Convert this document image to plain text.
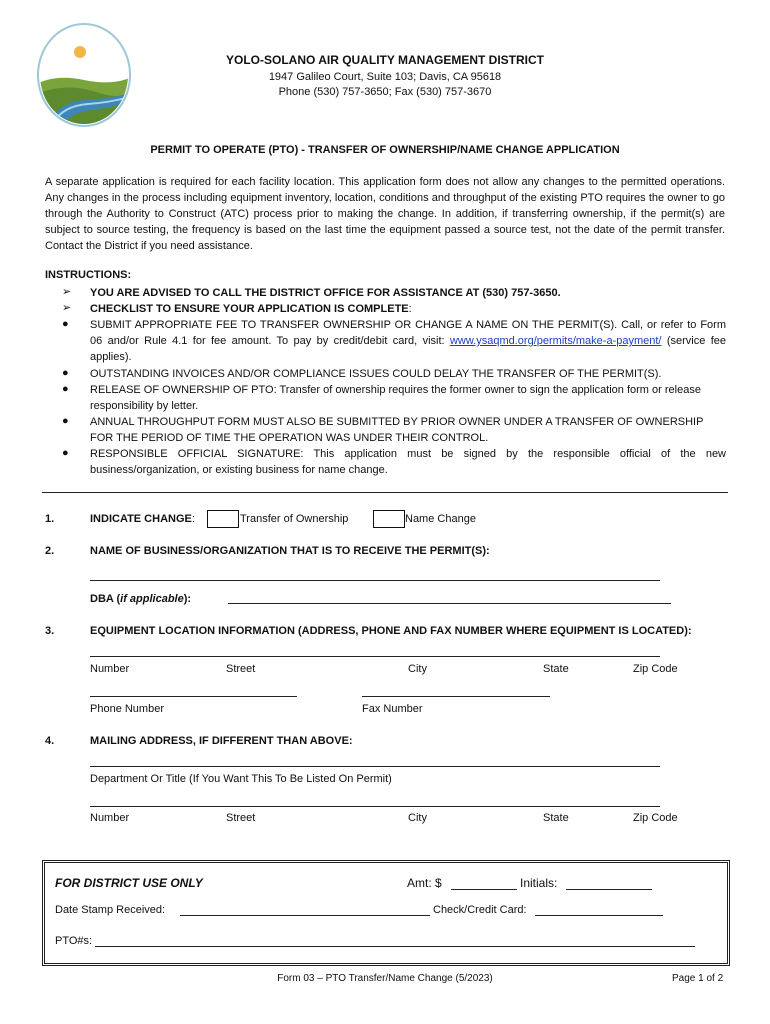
YOLO-SOLANO AIR QUALITY MANAGEMENT DISTRICT
1947 Galileo Court, Suite 103; Davis, CA 95618
Phone (530) 757-3650; Fax (530) 757-3670
PERMIT TO OPERATE (PTO) - TRANSFER OF OWNERSHIP/NAME CHANGE APPLICATION
A separate application is required for each facility location. This application form does not allow any changes to the permitted operations. Any changes in the process including equipment inventory, location, conditions and throughput of the existing PTO requires the owner to go through the Authority to Construct (ATC) process prior to making the change. In addition, if transferring ownership, if the permit(s) are subject to source testing, the frequency is based on the last time the equipment passed a source test, not the date of the permit transfer. Contact the District if you need assistance.
INSTRUCTIONS:
➢ YOU ARE ADVISED TO CALL THE DISTRICT OFFICE FOR ASSISTANCE AT (530) 757-3650.
➢ CHECKLIST TO ENSURE YOUR APPLICATION IS COMPLETE:
● SUBMIT APPROPRIATE FEE TO TRANSFER OWNERSHIP OR CHANGE A NAME ON THE PERMIT(S). Call, or refer to Form 06 and/or Rule 4.1 for fee amount. To pay by credit/debit card, visit: www.ysaqmd.org/permits/make-a-payment/ (service fee applies).
● OUTSTANDING INVOICES AND/OR COMPLIANCE ISSUES COULD DELAY THE TRANSFER OF THE PERMIT(S).
● RELEASE OF OWNERSHIP OF PTO: Transfer of ownership requires the former owner to sign the application form or release responsibility by letter.
● ANNUAL THROUGHPUT FORM MUST ALSO BE SUBMITTED BY PRIOR OWNER UNDER A TRANSFER OF OWNERSHIP FOR THE PERIOD OF TIME THE OPERATION WAS UNDER THEIR CONTROL.
● RESPONSIBLE OFFICIAL SIGNATURE: This application must be signed by the responsible official of the new business/organization, or existing business for name change.
1.	INDICATE CHANGE:	Transfer of Ownership	Name Change
2.	NAME OF BUSINESS/ORGANIZATION THAT IS TO RECEIVE THE PERMIT(S):
DBA (if applicable):
3.	EQUIPMENT LOCATION INFORMATION (ADDRESS, PHONE AND FAX NUMBER WHERE EQUIPMENT IS LOCATED):
Number	Street	City	State	Zip Code
Phone Number	Fax Number
4.	MAILING ADDRESS, IF DIFFERENT THAN ABOVE:
Department Or Title (If You Want This To Be Listed On Permit)
Number	Street	City	State	Zip Code
FOR DISTRICT USE ONLY	Amt: $	Initials:
Date Stamp Received:	Check/Credit Card:
PTO#s:
Form 03 – PTO Transfer/Name Change (5/2023)	Page 1 of 2
